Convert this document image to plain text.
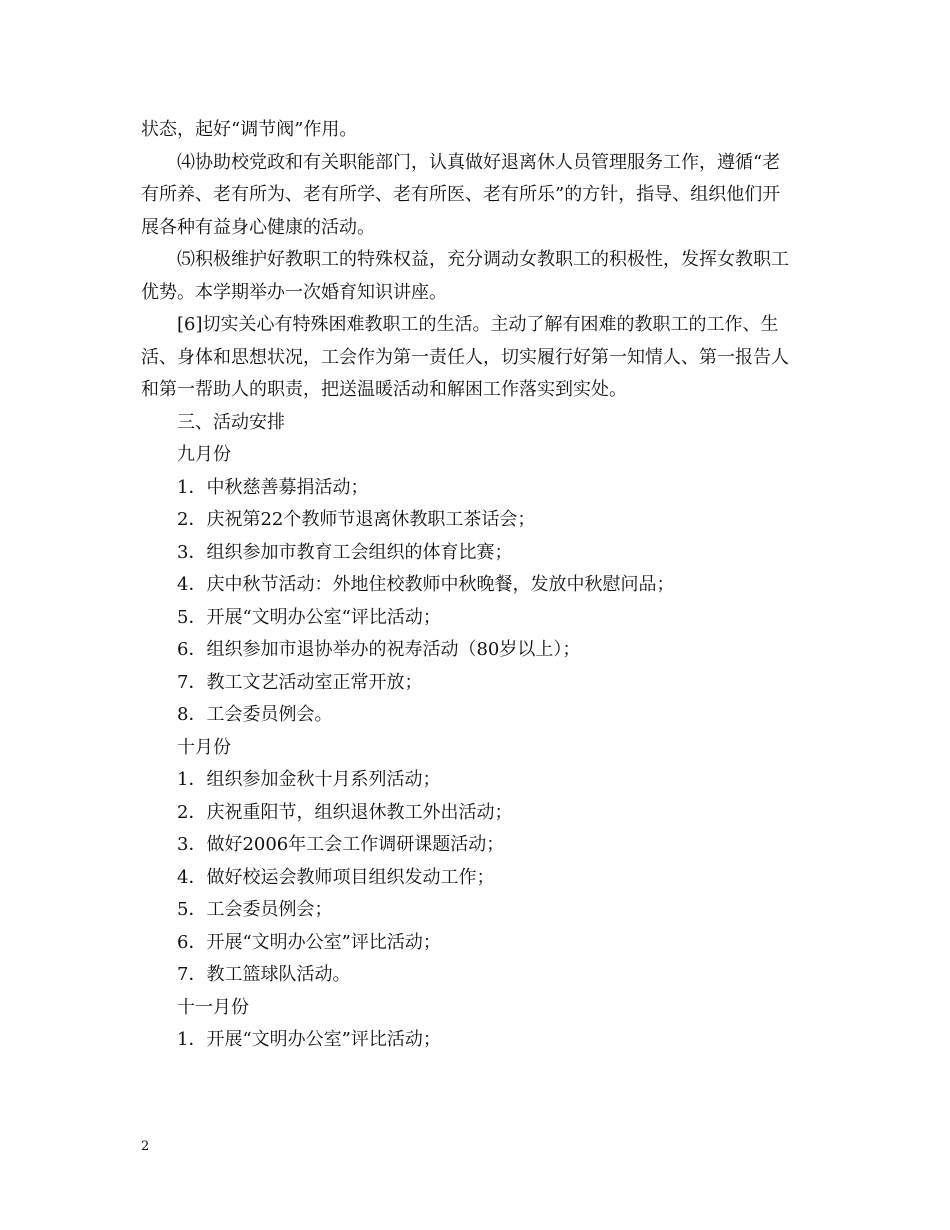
状态，起好“调节阀”作用。

⑷协助校党政和有关职能部门，认真做好退离休人员管理服务工作，遵循“老

有所养、老有所为、老有所学、老有所医、老有所乐”的方针，指导、组织他们开

展各种有益身心健康的活动。

⑸积极维护好教职工的特殊权益，充分调动女教职工的积极性，发挥女教职工

优势。本学期举办一次婚育知识讲座。

[6]切实关心有特殊困难教职工的生活。主动了解有困难的教职工的工作、生

活、身体和思想状况，工会作为第一责任人，切实履行好第一知情人、第一报告人

和第一帮助人的职责，把送温暖活动和解困工作落实到实处。

三、活动安排

九月份

1．中秋慈善募捐活动；

2．庆祝第22个教师节退离休教职工茶话会；

3．组织参加市教育工会组织的体育比赛；

4．庆中秋节活动：外地住校教师中秋晚餐，发放中秋慰问品；

5．开展“文明办公室“评比活动；

6．组织参加市退协举办的祝寿活动（80岁以上）；

7．教工文艺活动室正常开放；

8．工会委员例会。

十月份

1．组织参加金秋十月系列活动；

2．庆祝重阳节，组织退休教工外出活动；

3．做好2006年工会工作调研课题活动；

4．做好校运会教师项目组织发动工作；

5．工会委员例会；

6．开展“文明办公室”评比活动；

7．教工篮球队活动。

十一月份

1．开展“文明办公室”评比活动；

2
